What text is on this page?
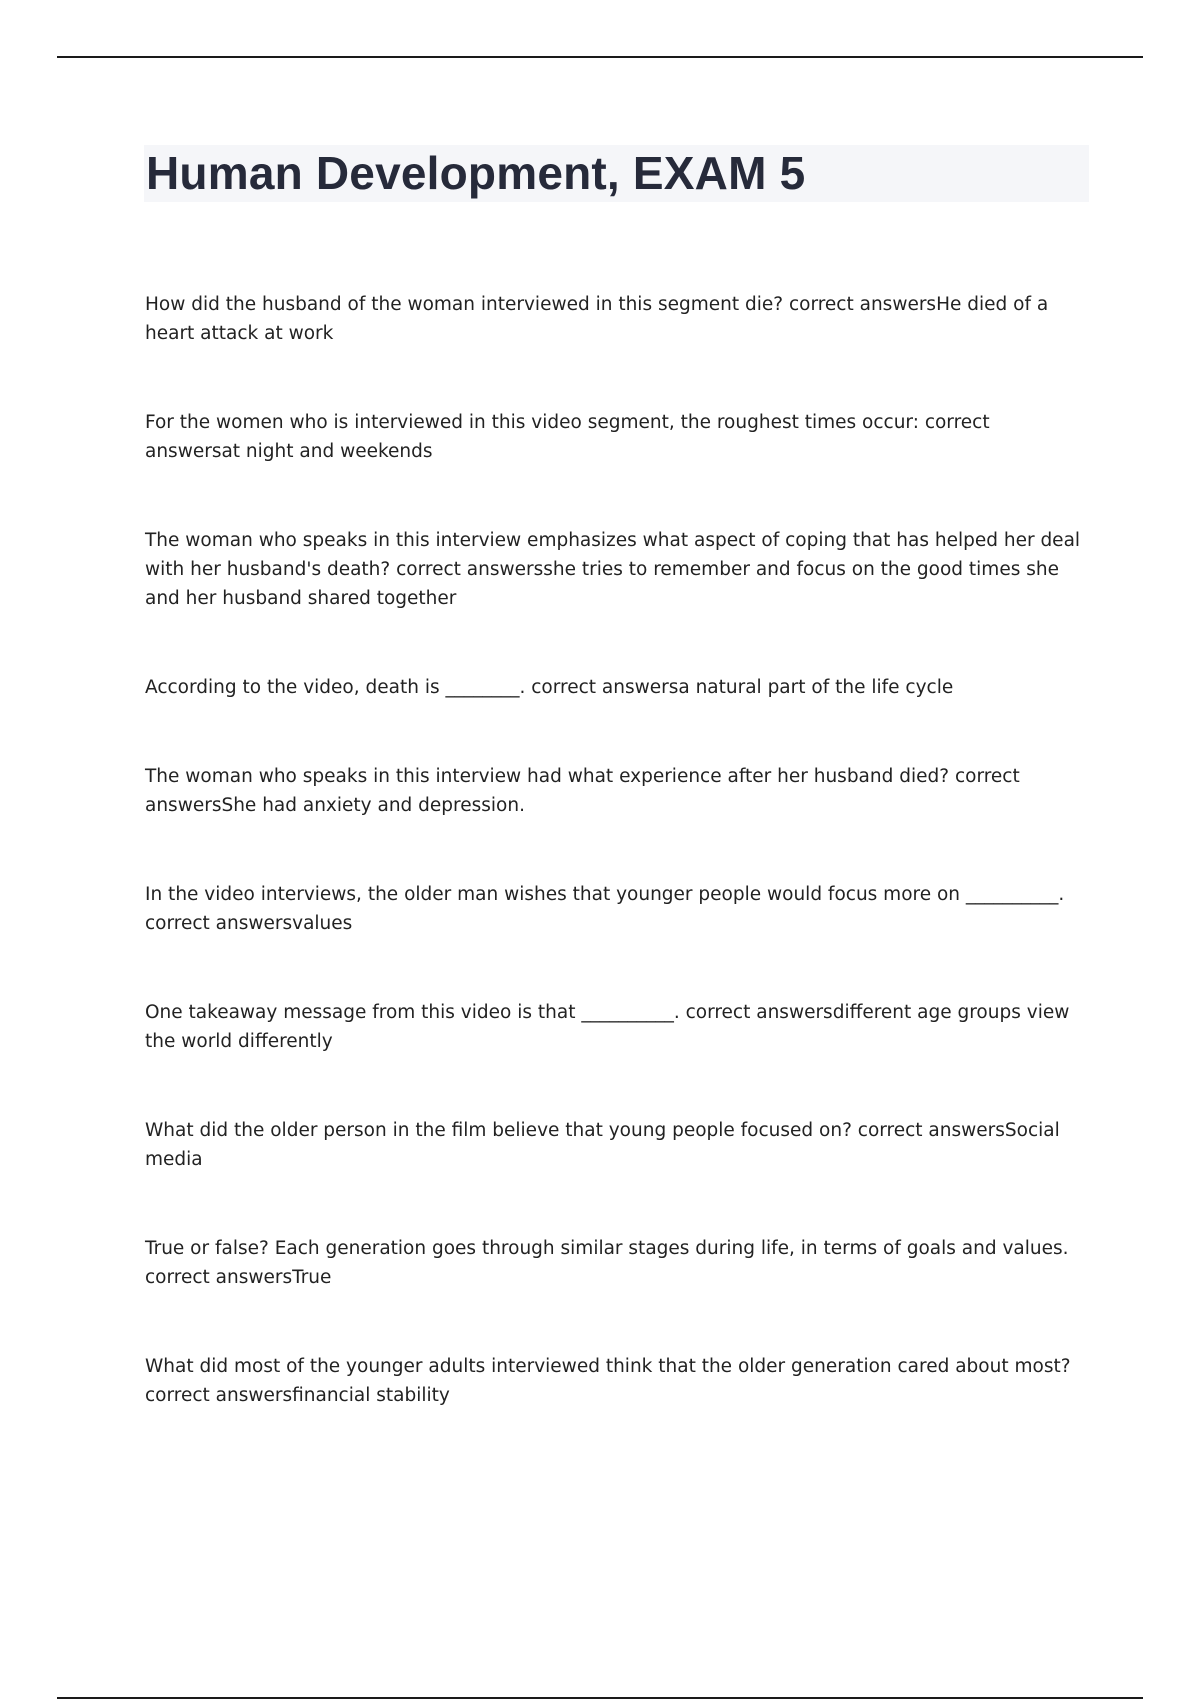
Human Development, EXAM 5

How did the husband of the woman interviewed in this segment die? correct answersHe died of a heart attack at work

For the women who is interviewed in this video segment, the roughest times occur: correct answersat night and weekends

The woman who speaks in this interview emphasizes what aspect of coping that has helped her deal with her husband's death? correct answersshe tries to remember and focus on the good times she and her husband shared together

According to the video, death is ________. correct answersa natural part of the life cycle

The woman who speaks in this interview had what experience after her husband died? correct answersShe had anxiety and depression.

In the video interviews, the older man wishes that younger people would focus more on __________. correct answersvalues

One takeaway message from this video is that __________. correct answersdifferent age groups view the world differently

What did the older person in the film believe that young people focused on? correct answersSocial media

True or false? Each generation goes through similar stages during life, in terms of goals and values. correct answersTrue

What did most of the younger adults interviewed think that the older generation cared about most? correct answersfinancial stability
